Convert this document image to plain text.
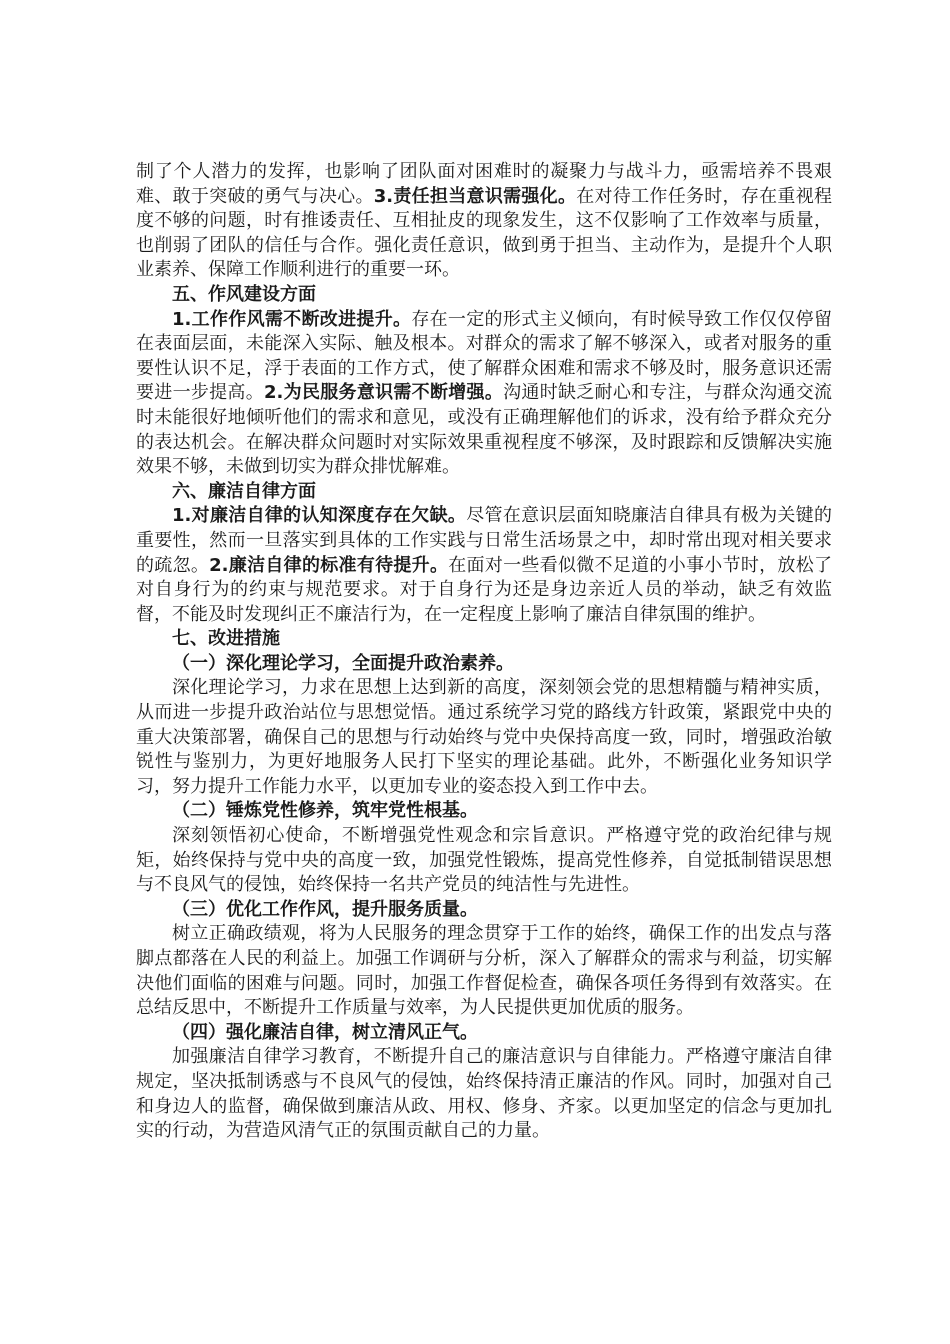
制了个人潜力的发挥，也影响了团队面对困难时的凝聚力与战斗力，亟需培养不畏艰难、敢于突破的勇气与决心。3.责任担当意识需强化。在对待工作任务时，存在重视程度不够的问题，时有推诿责任、互相扯皮的现象发生，这不仅影响了工作效率与质量，也削弱了团队的信任与合作。强化责任意识，做到勇于担当、主动作为，是提升个人职业素养、保障工作顺利进行的重要一环。

五、作风建设方面

1.工作作风需不断改进提升。存在一定的形式主义倾向，有时候导致工作仅仅停留在表面层面，未能深入实际、触及根本。对群众的需求了解不够深入，或者对服务的重要性认识不足，浮于表面的工作方式，使了解群众困难和需求不够及时，服务意识还需要进一步提高。2.为民服务意识需不断增强。沟通时缺乏耐心和专注，与群众沟通交流时未能很好地倾听他们的需求和意见，或没有正确理解他们的诉求，没有给予群众充分的表达机会。在解决群众问题时对实际效果重视程度不够深，及时跟踪和反馈解决实施效果不够，未做到切实为群众排忧解难。

六、廉洁自律方面

1.对廉洁自律的认知深度存在欠缺。尽管在意识层面知晓廉洁自律具有极为关键的重要性，然而一旦落实到具体的工作实践与日常生活场景之中，却时常出现对相关要求的疏忽。2.廉洁自律的标准有待提升。在面对一些看似微不足道的小事小节时，放松了对自身行为的约束与规范要求。对于自身行为还是身边亲近人员的举动，缺乏有效监督，不能及时发现纠正不廉洁行为，在一定程度上影响了廉洁自律氛围的维护。

七、改进措施

（一）深化理论学习，全面提升政治素养。

深化理论学习，力求在思想上达到新的高度，深刻领会党的思想精髓与精神实质，从而进一步提升政治站位与思想觉悟。通过系统学习党的路线方针政策，紧跟党中央的重大决策部署，确保自己的思想与行动始终与党中央保持高度一致，同时，增强政治敏锐性与鉴别力，为更好地服务人民打下坚实的理论基础。此外，不断强化业务知识学习，努力提升工作能力水平，以更加专业的姿态投入到工作中去。

（二）锤炼党性修养，筑牢党性根基。

深刻领悟初心使命，不断增强党性观念和宗旨意识。严格遵守党的政治纪律与规矩，始终保持与党中央的高度一致，加强党性锻炼，提高党性修养，自觉抵制错误思想与不良风气的侵蚀，始终保持一名共产党员的纯洁性与先进性。

（三）优化工作作风，提升服务质量。

树立正确政绩观，将为人民服务的理念贯穿于工作的始终，确保工作的出发点与落脚点都落在人民的利益上。加强工作调研与分析，深入了解群众的需求与利益，切实解决他们面临的困难与问题。同时，加强工作督促检查，确保各项任务得到有效落实。在总结反思中，不断提升工作质量与效率，为人民提供更加优质的服务。

（四）强化廉洁自律，树立清风正气。

加强廉洁自律学习教育，不断提升自己的廉洁意识与自律能力。严格遵守廉洁自律规定，坚决抵制诱惑与不良风气的侵蚀，始终保持清正廉洁的作风。同时，加强对自己和身边人的监督，确保做到廉洁从政、用权、修身、齐家。以更加坚定的信念与更加扎实的行动，为营造风清气正的氛围贡献自己的力量。
